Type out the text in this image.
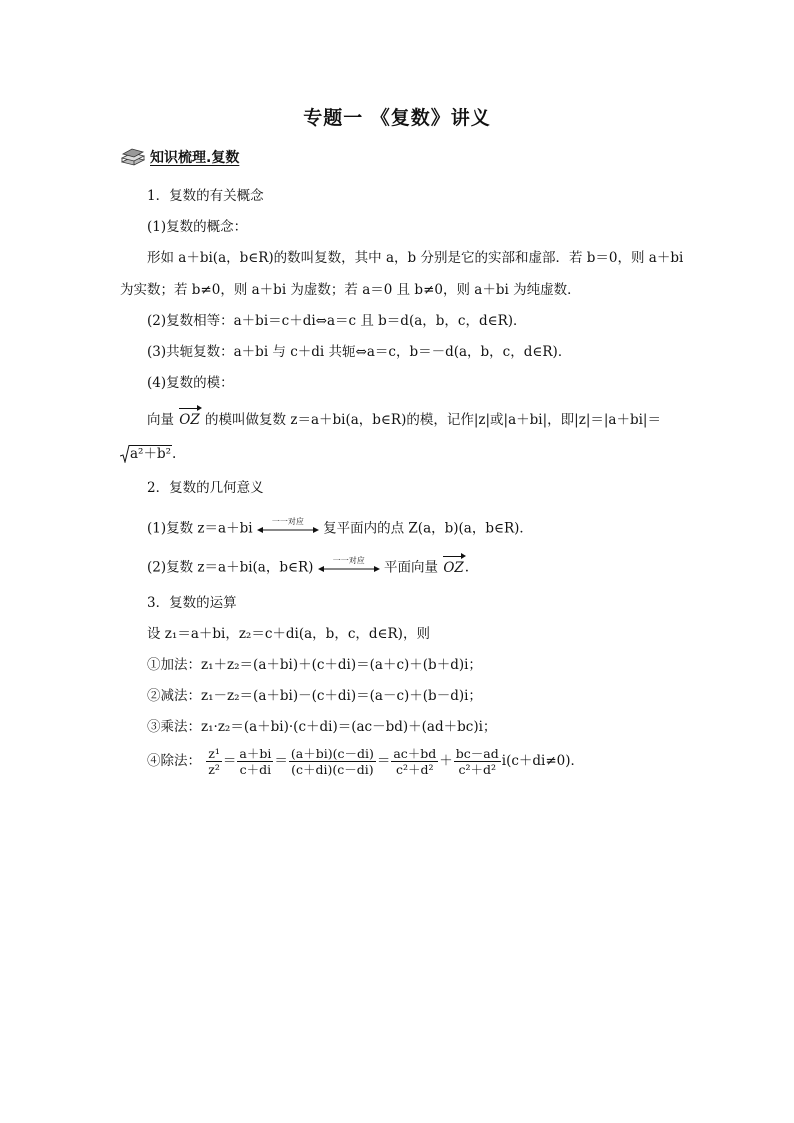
专题一 《复数》讲义
知识梳理.复数
1．复数的有关概念
(1)复数的概念：
形如 a＋bi(a，b∈R)的数叫复数，其中 a，b 分别是它的实部和虚部．若 b＝0，则 a＋bi
为实数；若 b≠0，则 a＋bi 为虚数；若 a＝0 且 b≠0，则 a＋bi 为纯虚数．
(2)复数相等：a＋bi＝c＋di⇔a＝c 且 b＝d(a，b，c，d∈R)．
(3)共轭复数：a＋bi 与 c＋di 共轭⇔a＝c，b＝－d(a，b，c，d∈R)．
(4)复数的模：
向量 OZ 的模叫做复数 z＝a＋bi(a，b∈R)的模，记作|z|或|a＋bi|，即|z|＝|a＋bi|＝
a²＋b².
2．复数的几何意义
(1)复数 z＝a＋bi	一一对应	复平面内的点 Z(a，b)(a，b∈R)．
(2)复数 z＝a＋bi(a，b∈R)	一一对应	平面向量 OZ.
3．复数的运算
设 z₁＝a＋bi，z₂＝c＋di(a，b，c，d∈R)，则
①加法：z₁＋z₂＝(a＋bi)＋(c＋di)＝(a＋c)＋(b＋d)i；
②减法：z₁－z₂＝(a＋bi)－(c＋di)＝(a－c)＋(b－d)i；
③乘法：z₁·z₂＝(a＋bi)·(c＋di)＝(ac－bd)＋(ad＋bc)i；
④除法： $\frac{\text{z¹}}{\text{z²}} = \frac{a+bi}{c+di} = \frac{(a+bi)(c-di)}{(c+di)(c-di)} = \frac{ac+bd}{\text{c²＋d²}} + \frac{bc-ad}{\text{c²＋d²}} i(c+di\ne 0)$．
